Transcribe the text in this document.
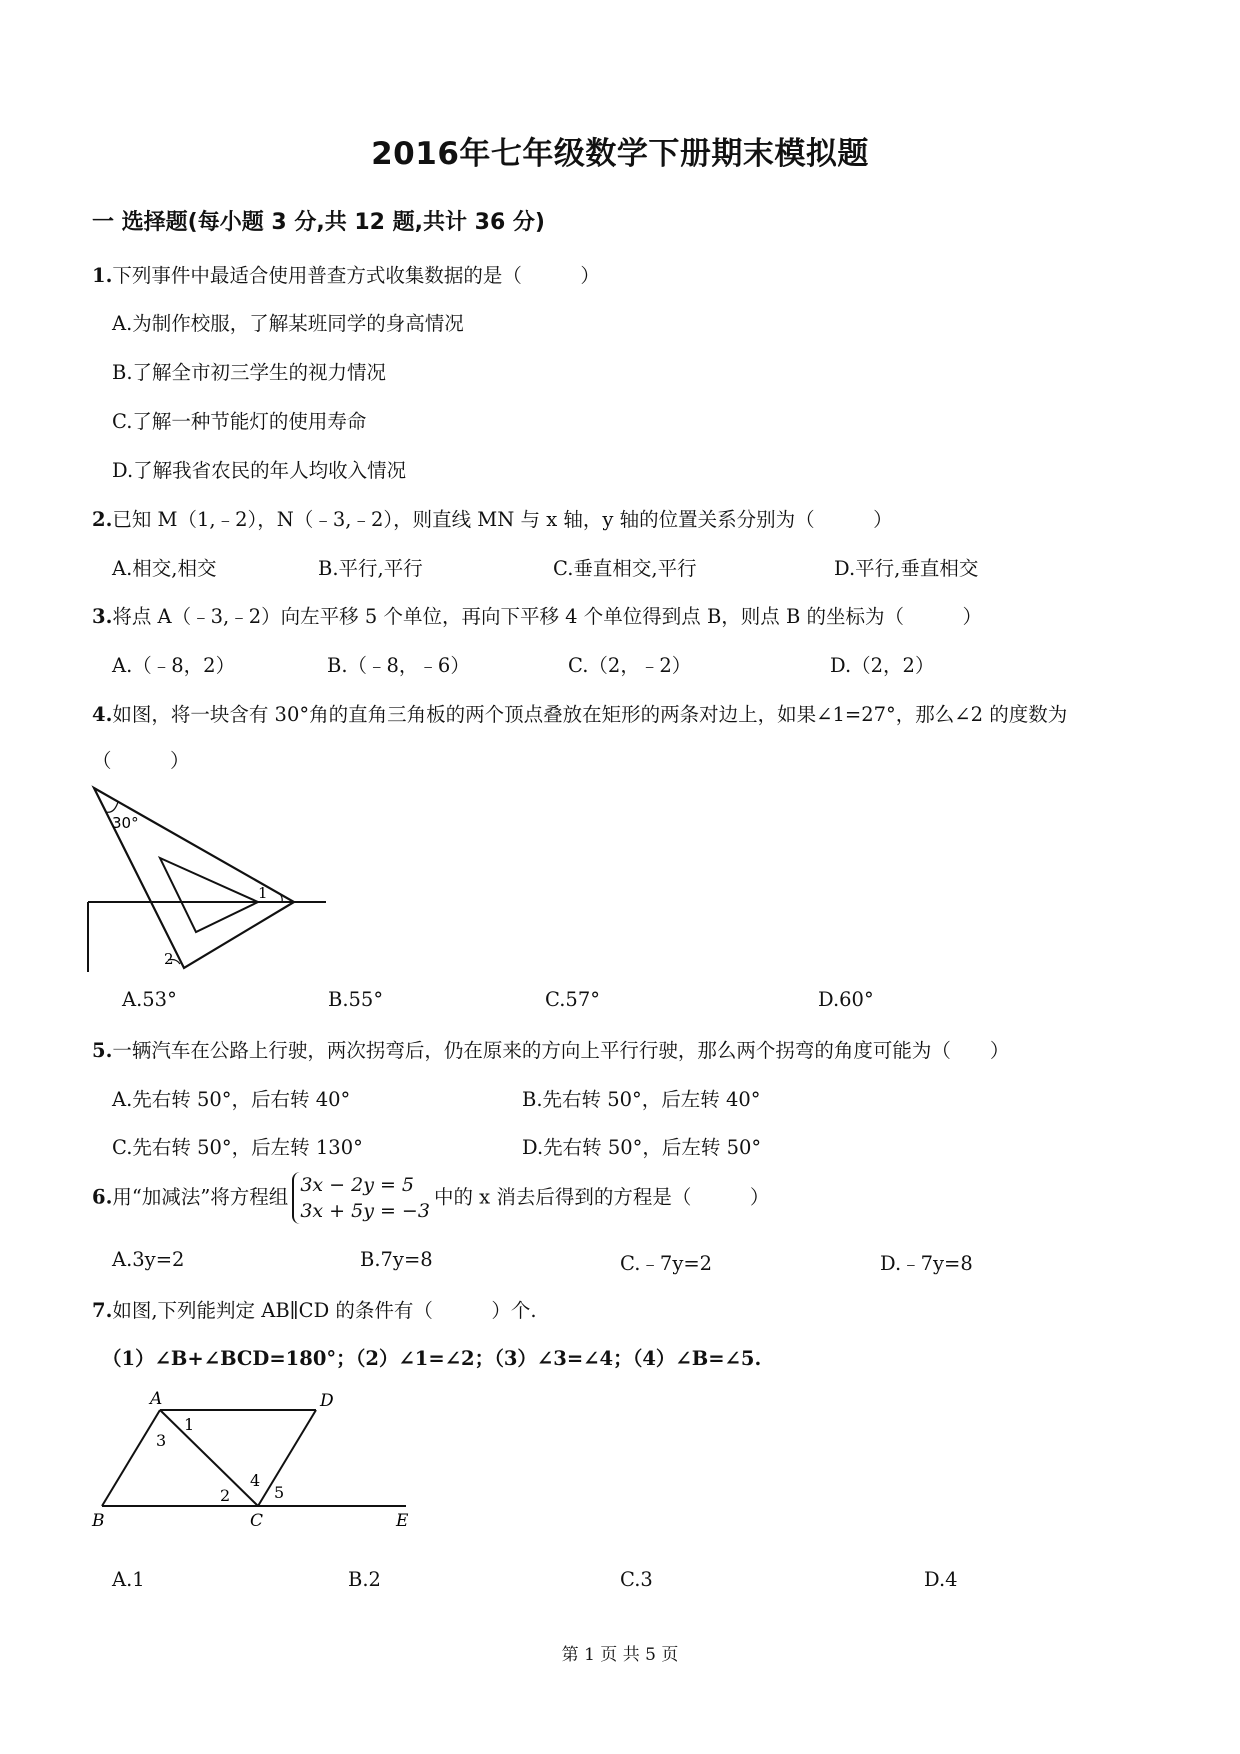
2016年七年级数学下册期末模拟题
一 选择题(每小题 3 分,共 12 题,共计 36 分)
1.下列事件中最适合使用普查方式收集数据的是（　　　）
A.为制作校服，了解某班同学的身高情况
B.了解全市初三学生的视力情况
C.了解一种节能灯的使用寿命
D.了解我省农民的年人均收入情况
2.已知 M（1,﹣2），N（﹣3,﹣2），则直线 MN 与 x 轴，y 轴的位置关系分别为（　　　）
A.相交,相交	B.平行,平行	C.垂直相交,平行	D.平行,垂直相交
3.将点 A（﹣3,﹣2）向左平移 5 个单位，再向下平移 4 个单位得到点 B，则点 B 的坐标为（　　　）
A.（﹣8，2）	B.（﹣8，﹣6）	C.（2，﹣2）	D.（2，2）
4.如图，将一块含有 30°角的直角三角板的两个顶点叠放在矩形的两条对边上，如果∠1=27°，那么∠2 的度数为
（　　　）
30°
1
2
A.53°	B.55°	C.57°	D.60°
5.一辆汽车在公路上行驶，两次拐弯后，仍在原来的方向上平行行驶，那么两个拐弯的角度可能为（　　）
A.先右转 50°，后右转 40°	B.先右转 50°，后左转 40°
C.先右转 50°，后左转 130°	D.先右转 50°，后左转 50°
6.用“加减法”将方程组
3x − 2y = 5
3x + 5y = −3
中的 x 消去后得到的方程是（　　　）
A.3y=2	B.7y=8	C.﹣7y=2	D.﹣7y=8
7.如图,下列能判定 AB∥CD 的条件有（　　　）个.
（1）∠B+∠BCD=180°；（2）∠1=∠2；（3）∠3=∠4；（4）∠B=∠5.
A	D
B	C	E
1
3
2
4
5
A.1	B.2	C.3	D.4
第 1 页 共 5 页
